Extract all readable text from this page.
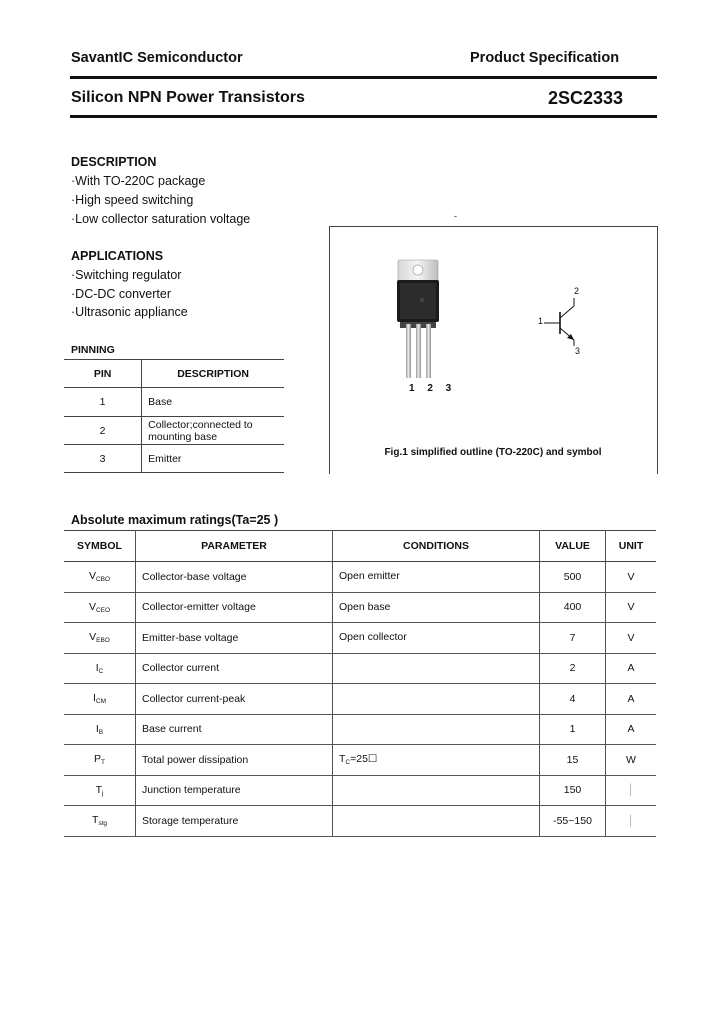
SavantIC Semiconductor	Product Specification
Silicon NPN Power Transistors	2SC2333
DESCRIPTION
·With TO-220C package
·High speed switching
·Low collector saturation voltage
APPLICATIONS
·Switching regulator
·DC-DC converter
·Ultrasonic appliance
PINNING
PIN	DESCRIPTION
1	Base
2	Collector;connected to mounting base
3	Emitter
-
1 2 3
1
2
3
Fig.1 simplified outline (TO-220C) and symbol
Absolute maximum ratings(Ta=25 )
SYMBOL	PARAMETER	CONDITIONS	VALUE	UNIT
$V_{CBO}$	Collector-base voltage	Open emitter	500	V
$V_{CEO}$	Collector-emitter voltage	Open base	400	V
$V_{EBO}$	Emitter-base voltage	Open collector	7	V
$I_C$	Collector current		2	A
$I_{CM}$	Collector current-peak		4	A
$I_B$	Base current		1	A
$P_T$	Total power dissipation	$T_C=25☐$	15	W
$T_j$	Junction temperature		150	│
$T_{stg}$	Storage temperature		-55~150	│
